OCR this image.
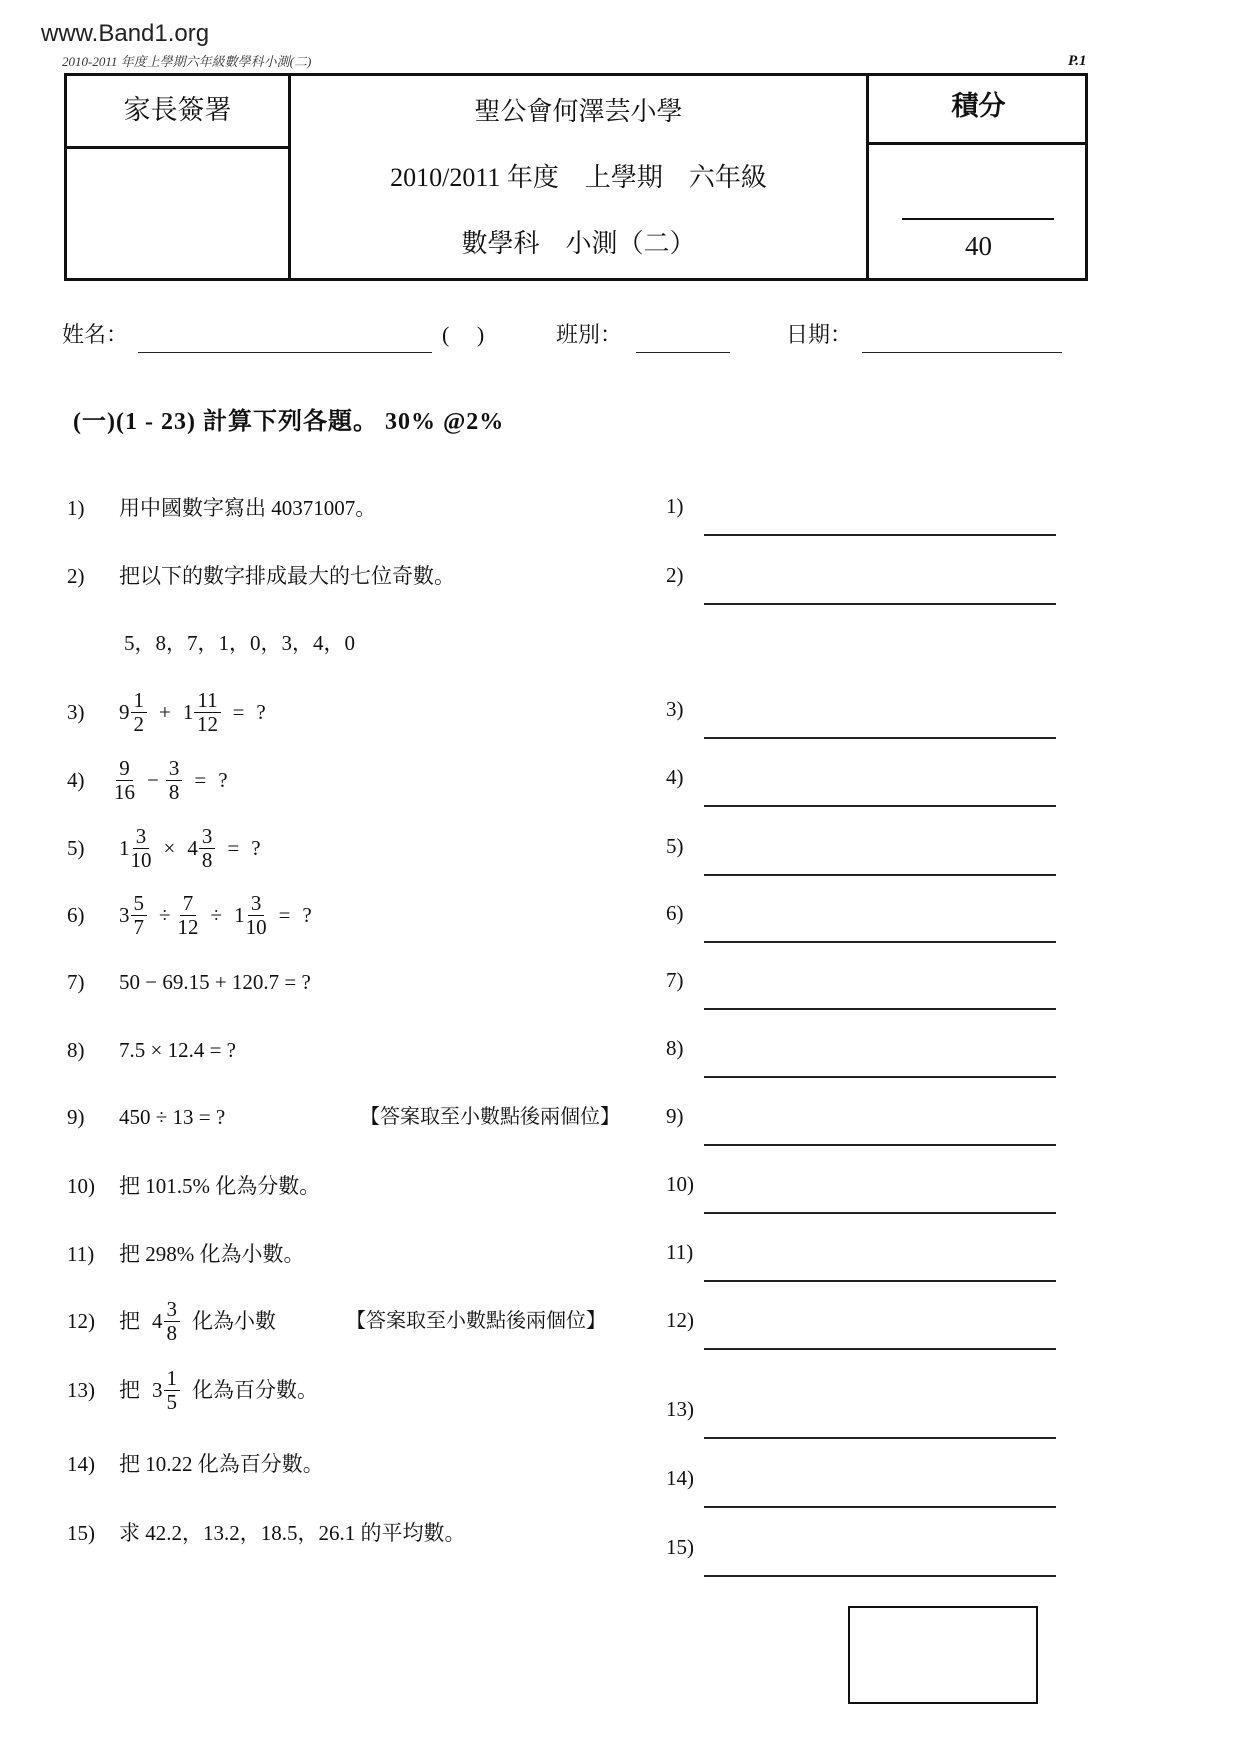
www.Band1.org
2010-2011 年度上學期六年級數學科小測(二)	P.1
家長簽署	聖公會何澤芸小學
2010/2011 年度　上學期　六年級
數學科　小測（二）
積分
40
姓名：	(　 )	班別：	日期：
(一)(1 - 23) 計算下列各題。 30% @2%
1)	用中國數字寫出 40371007。	1)
2)	把以下的數字排成最大的七位奇數。
5，8，7，1，0，3，4，0
2)
3)	$9 \frac{1}{2} + 1 \frac{11}{12}$ = ?	3)
4)	$\frac{9}{16} - \frac{3}{8}$ = ?	4)
5)	$1 \frac{3}{10} \times 4 \frac{3}{8}$ = ?	5)
6)	$3 \frac{5}{7} \div \frac{7}{12} \div 1 \frac{3}{10}$ = ?	6)
7)	50 − 69.15 + 120.7 = ?	7)
8)	7.5 × 12.4 = ?	8)
9)	450 ÷ 13 = ?	【答案取至小數點後兩個位】 9)
10)	把 101.5% 化為分數。	10)
11)	把 298% 化為小數。	11)
12)	把 $4 \frac{3}{8}$ 化為小數	【答案取至小數點後兩個位】	12)
13)	把 $3 \frac{1}{5}$ 化為百分數。
13)
14)	把 10.22 化為百分數。
14)
15)	求 42.2，13.2，18.5，26.1 的平均數。
15)
